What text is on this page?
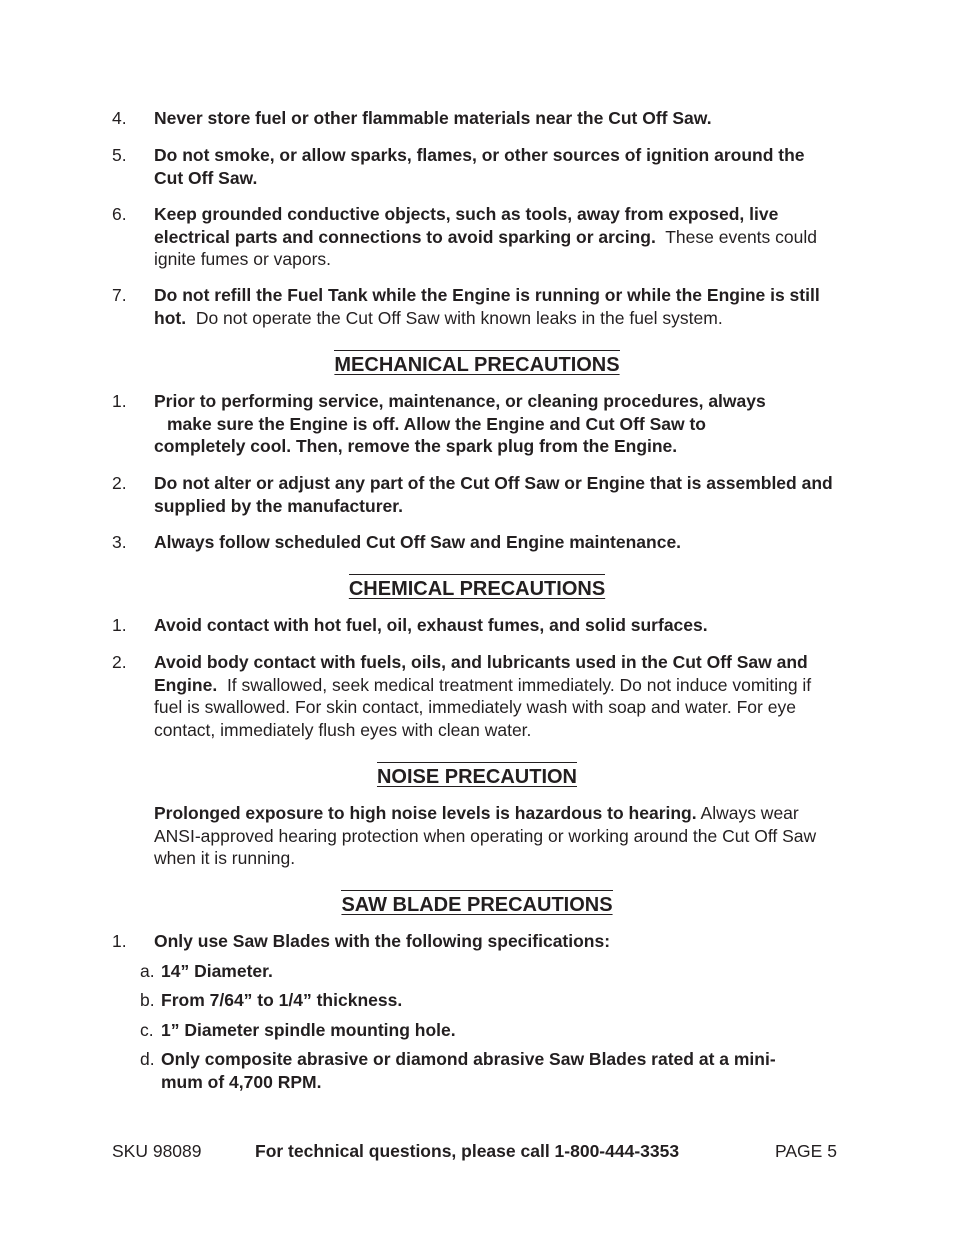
4.	Never store fuel or other flammable materials near the Cut Off Saw.
5.	Do not smoke, or allow sparks, flames, or other sources of ignition around the Cut Off Saw.
6.	Keep grounded conductive objects, such as tools, away from exposed, live electrical parts and connections to avoid sparking or arcing. These events could ignite fumes or vapors.
7.	Do not refill the Fuel Tank while the Engine is running or while the Engine is still hot. Do not operate the Cut Off Saw with known leaks in the fuel system.
MECHANICAL PRECAUTIONS
1.	Prior to performing service, maintenance, or cleaning procedures, always
make sure the Engine is off. Allow the Engine and Cut Off Saw to
completely cool. Then, remove the spark plug from the Engine.
2.	Do not alter or adjust any part of the Cut Off Saw or Engine that is assembled and supplied by the manufacturer.
3.	Always follow scheduled Cut Off Saw and Engine maintenance.
CHEMICAL PRECAUTIONS
1.	Avoid contact with hot fuel, oil, exhaust fumes, and solid surfaces.
2.	Avoid body contact with fuels, oils, and lubricants used in the Cut Off Saw and Engine. If swallowed, seek medical treatment immediately. Do not induce vomiting if fuel is swallowed. For skin contact, immediately wash with soap and water. For eye contact, immediately flush eyes with clean water.
NOISE PRECAUTION
Prolonged exposure to high noise levels is hazardous to hearing. Always wear ANSI-approved hearing protection when operating or working around the Cut Off Saw when it is running.
SAW BLADE PRECAUTIONS
1.	Only use Saw Blades with the following specifications:
a. 14” Diameter.
b. From 7/64” to 1/4” thickness.
c. 1” Diameter spindle mounting hole.
d. Only composite abrasive or diamond abrasive Saw Blades rated at a mini-
mum of 4,700 RPM.
SKU 98089	For technical questions, please call 1-800-444-3353	PAGE 5
